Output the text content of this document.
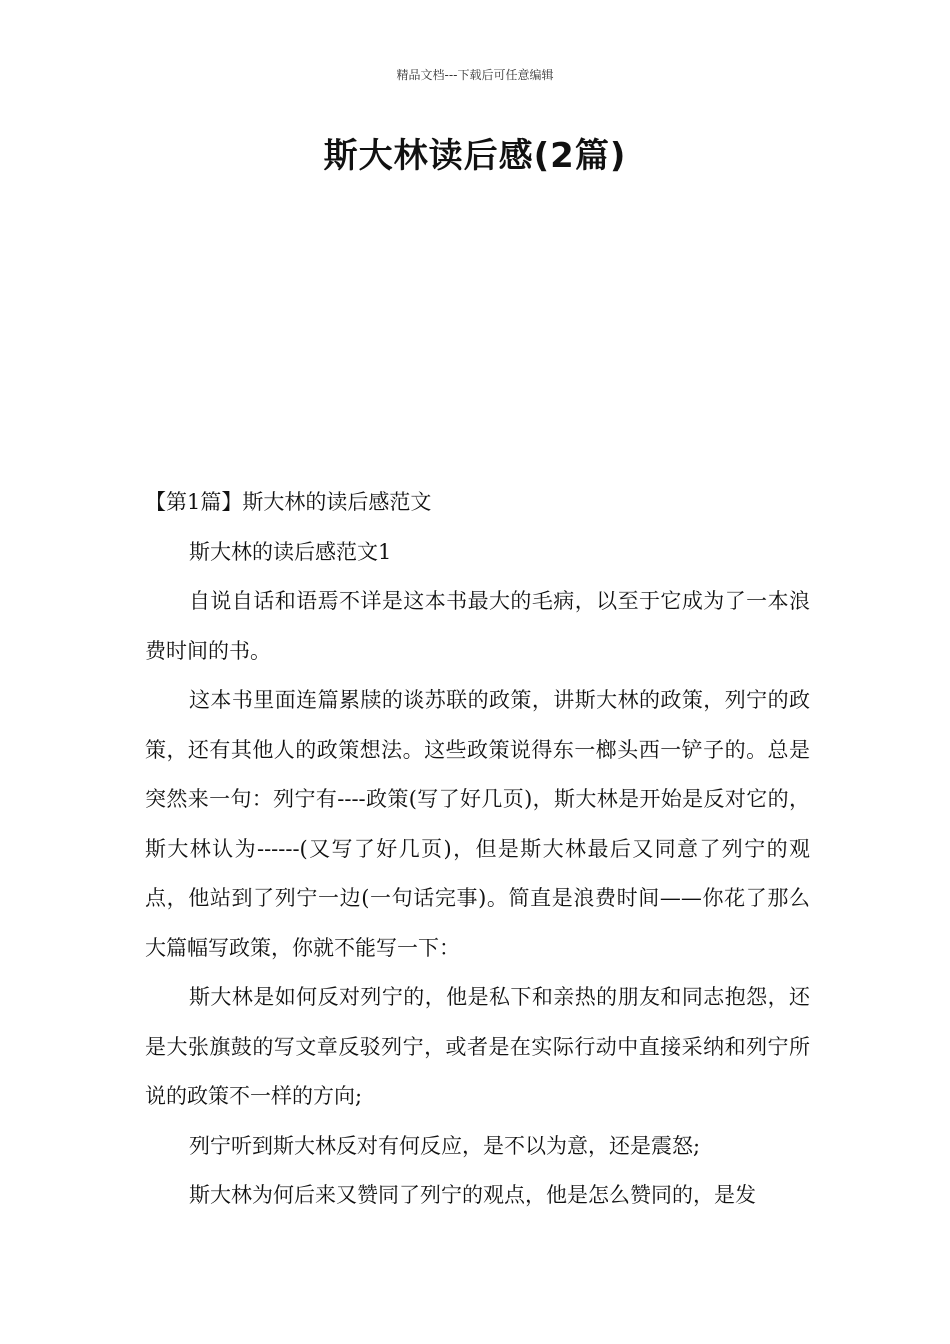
精品文档---下载后可任意编辑
斯大林读后感(2篇)

【第1篇】斯大林的读后感范文

斯大林的读后感范文1

自说自话和语焉不详是这本书最大的毛病，以至于它成为了一本浪费时间的书。

这本书里面连篇累牍的谈苏联的政策，讲斯大林的政策，列宁的政策，还有其他人的政策想法。这些政策说得东一榔头西一铲子的。总是突然来一句：列宁有----政策(写了好几页)，斯大林是开始是反对它的，斯大林认为------(又写了好几页)，但是斯大林最后又同意了列宁的观点，他站到了列宁一边(一句话完事)。简直是浪费时间——你花了那么大篇幅写政策，你就不能写一下：

斯大林是如何反对列宁的，他是私下和亲热的朋友和同志抱怨，还是大张旗鼓的写文章反驳列宁，或者是在实际行动中直接采纳和列宁所说的政策不一样的方向;

列宁听到斯大林反对有何反应，是不以为意，还是震怒;

斯大林为何后来又赞同了列宁的观点，他是怎么赞同的，是发
